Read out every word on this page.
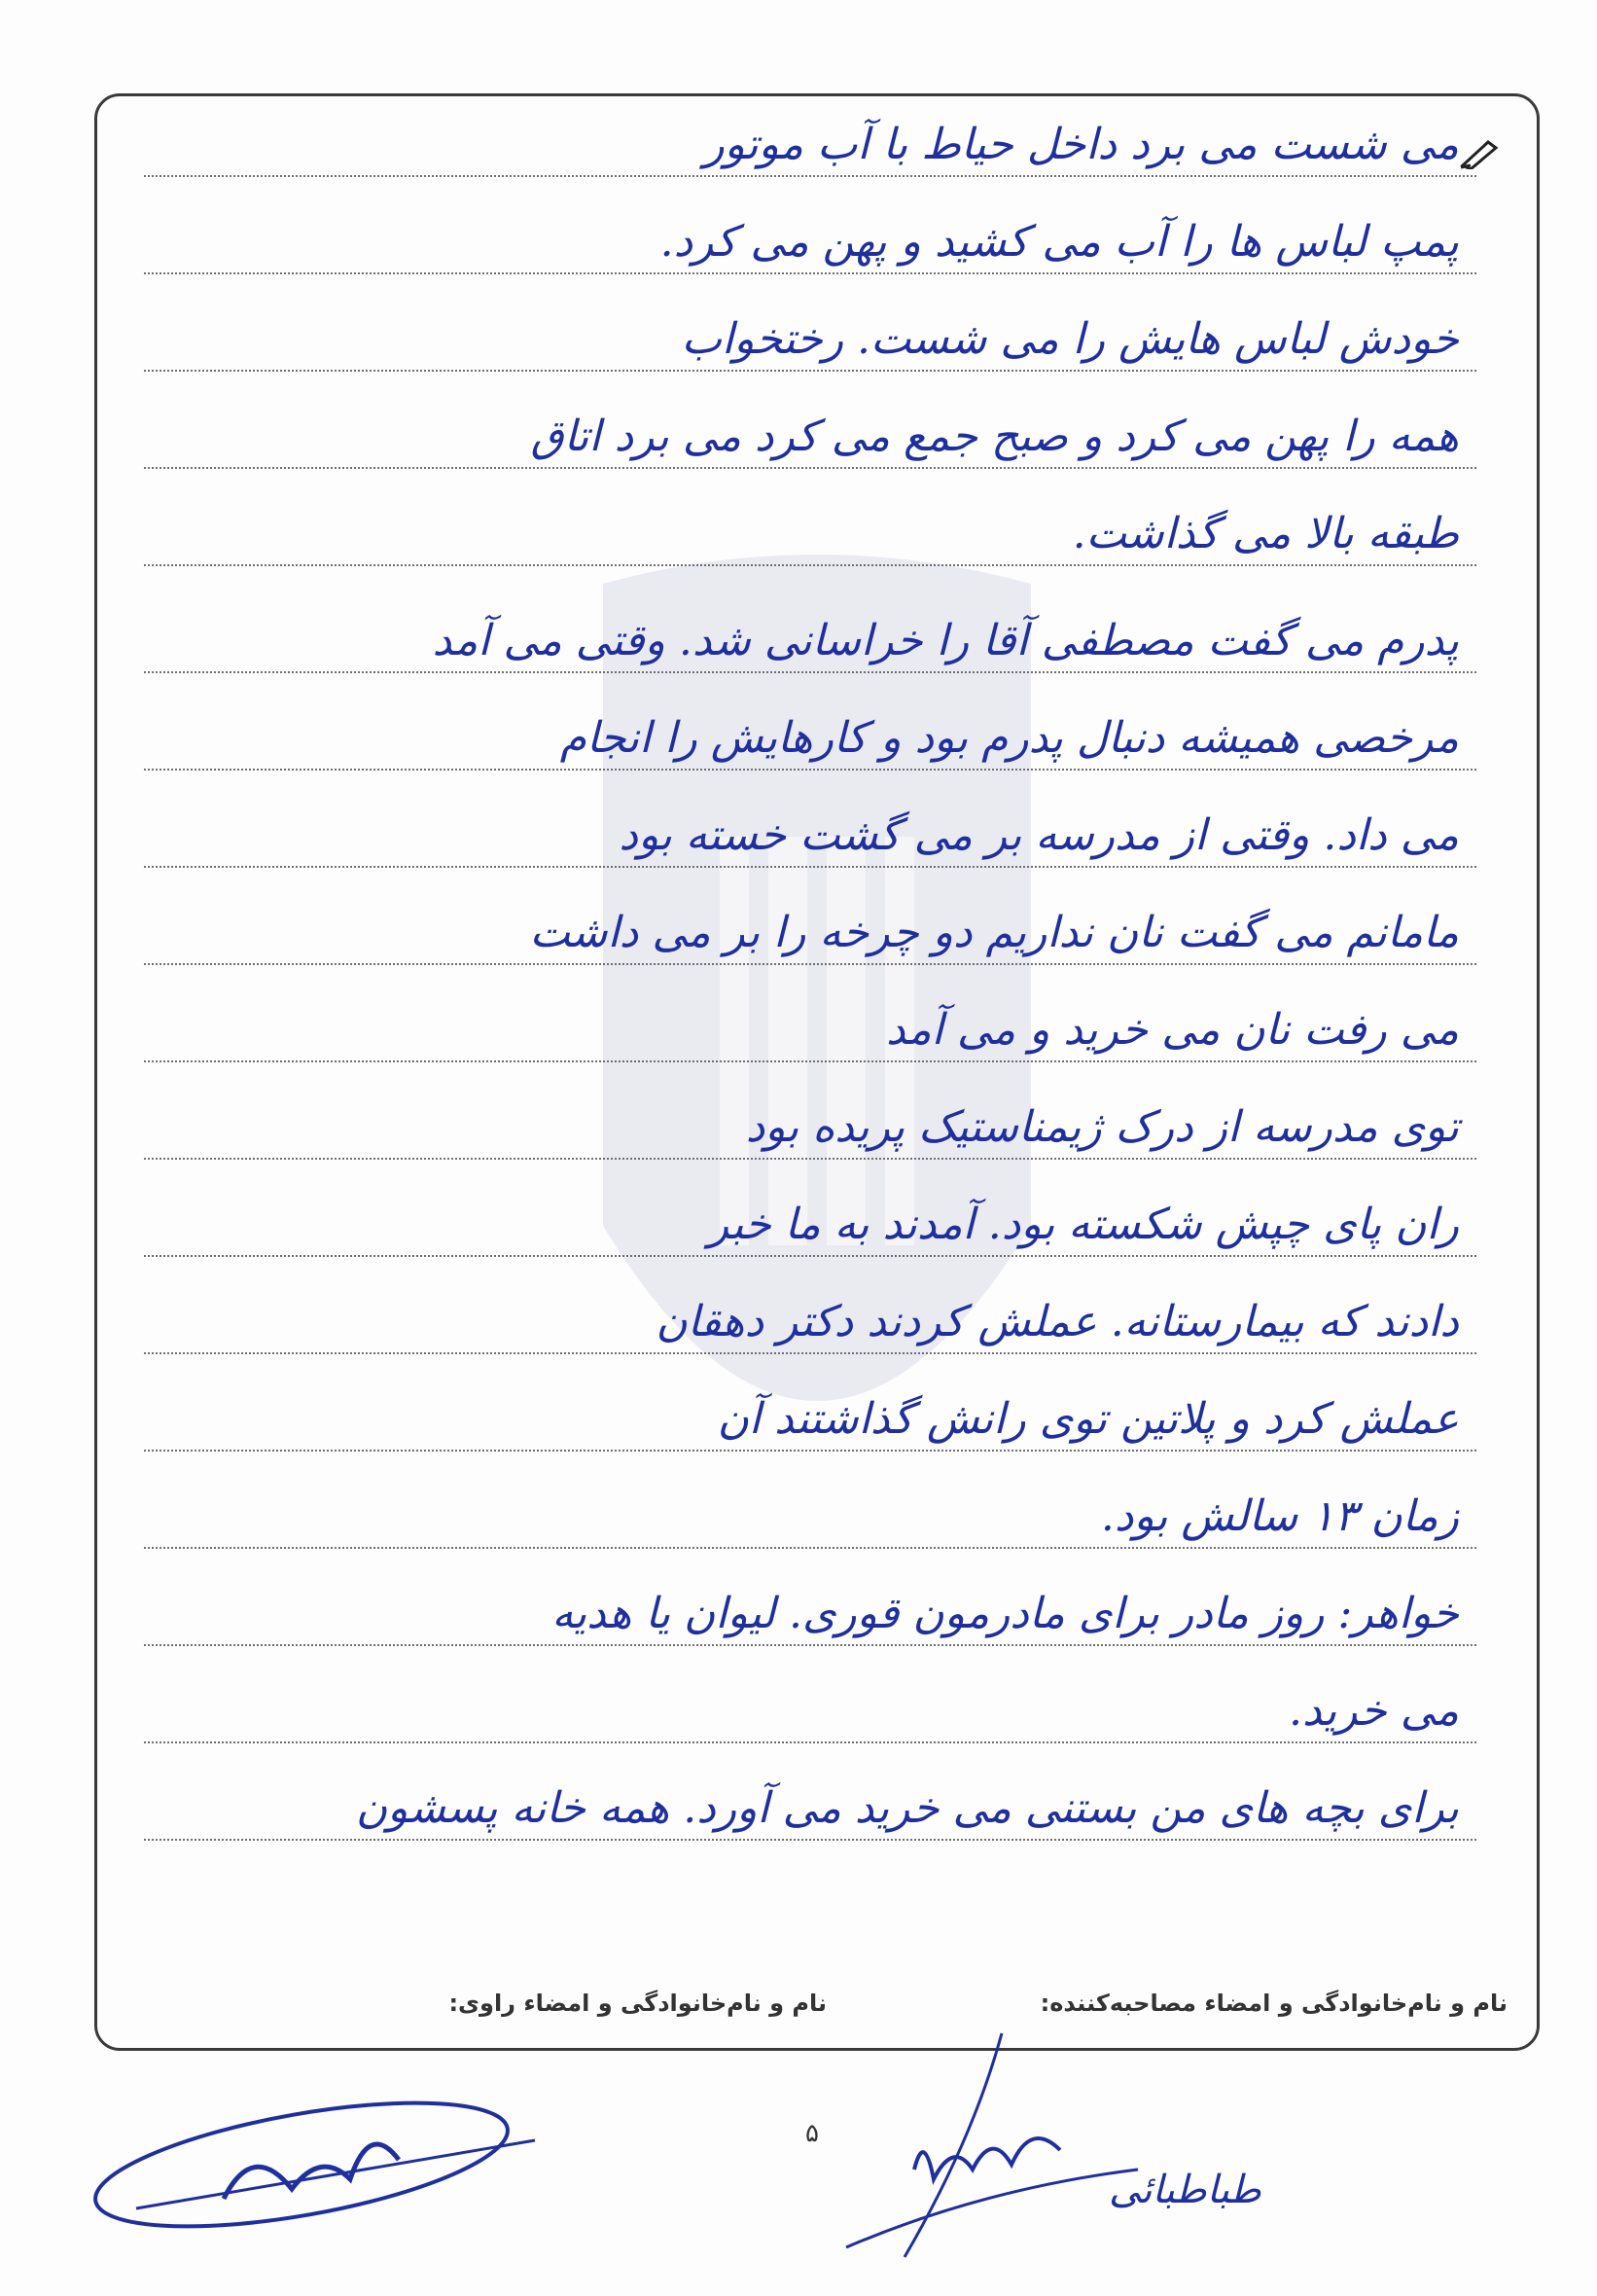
می شست می برد داخل حیاط با آب موتور
پمپ لباس ها را آب می کشید و پهن می کرد.
خودش لباس هایش را می شست. رختخواب
همه را پهن می کرد و صبح جمع می کرد می برد اتاق
طبقه بالا می گذاشت.
پدرم می گفت مصطفی آقا را خراسانی شد. وقتی می آمد
مرخصی همیشه دنبال پدرم بود و کارهایش را انجام
می داد. وقتی از مدرسه بر می گشت خسته بود
مامانم می گفت نان نداریم دو چرخه را بر می داشت
می رفت نان می خرید و می آمد
توی مدرسه از درک ژیمناستیک پریده بود
ران پای چپش شکسته بود. آمدند به ما خبر
دادند که بیمارستانه. عملش کردند دکتر دهقان
عملش کرد و پلاتین توی رانش گذاشتند آن
زمان ۱۳ سالش بود.
خواهر: روز مادر برای مادرمون قوری. لیوان یا هدیه
می خرید.
برای بچه های من بستنی می خرید می آورد. همه خانه پسشون
نام و نام‌خانوادگی و امضاء مصاحبه‌کننده:
نام و نام‌خانوادگی و امضاء راوی:
۵
طباطبائی
